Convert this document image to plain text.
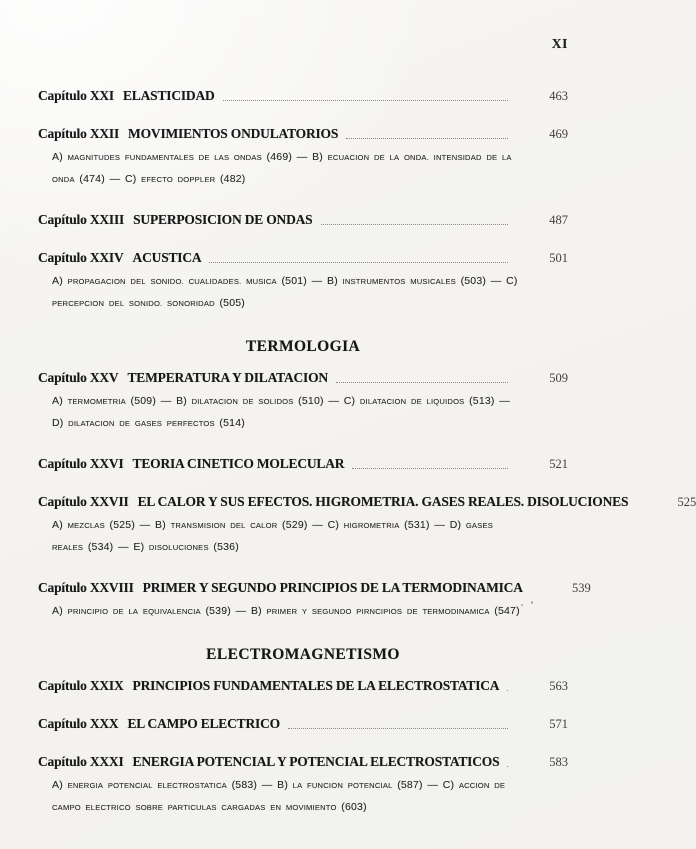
XI
Capítulo XXI ELASTICIDAD	463
Capítulo XXII MOVIMIENTOS ONDULATORIOS	469
A) MAGNITUDES FUNDAMENTALES DE LAS ONDAS (469) — B) ECUACION DE LA ONDA. INTENSIDAD DE LA ONDA (474) — C) EFECTO DOPPLER (482)
Capítulo XXIII SUPERPOSICION DE ONDAS	487
Capítulo XXIV ACUSTICA	501
A) PROPAGACION DEL SONIDO. CUALIDADES. MUSICA (501) — B) INSTRUMENTOS MUSICALES (503) — C) PERCEPCION DEL SONIDO. SONORIDAD (505)
TERMOLOGIA
Capítulo XXV TEMPERATURA Y DILATACION	509
A) TERMOMETRIA (509) — B) DILATACION DE SOLIDOS (510) — C) DILATACION DE LIQUIDOS (513) — D) DILATACION DE GASES PERFECTOS (514)
Capítulo XXVI TEORIA CINETICO MOLECULAR	521
Capítulo XXVII EL CALOR Y SUS EFECTOS. HIGROMETRIA. GASES REALES. DISOLUCIONES	525
A) MEZCLAS (525) — B) TRANSMISION DEL CALOR (529) — C) HIGROMETRIA (531) — D) GASES REALES (534) — E) DISOLUCIONES (536)
Capítulo XXVIII PRIMER Y SEGUNDO PRINCIPIOS DE LA TERMODINAMICA	539
A) PRINCIPIO DE LA EQUIVALENCIA (539) — B) PRIMER Y SEGUNDO PIRNCIPIOS DE TERMODINAMICA (547)
ELECTROMAGNETISMO
Capítulo XXIX PRINCIPIOS FUNDAMENTALES DE LA ELECTROSTATICA	563
Capítulo XXX EL CAMPO ELECTRICO	571
Capítulo XXXI ENERGIA POTENCIAL Y POTENCIAL ELECTROSTATICOS	583
A) ENERGIA POTENCIAL ELECTROSTATICA (583) — B) LA FUNCION POTENCIAL (587) — C) ACCION DE CAMPO ELECTRICO SOBRE PARTICULAS CARGADAS EN MOVIMIENTO (603)
